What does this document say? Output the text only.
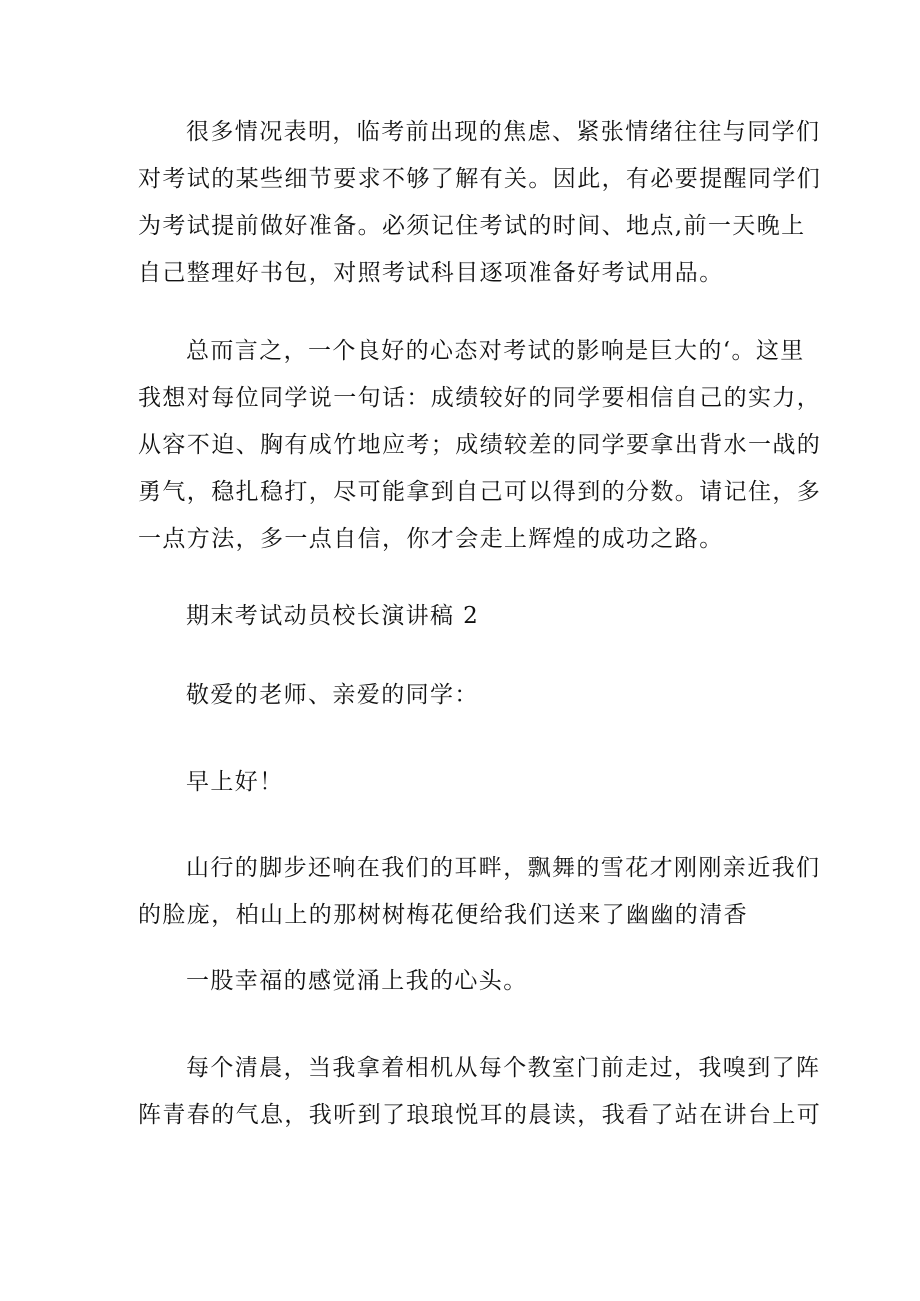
很多情况表明，临考前出现的焦虑、紧张情绪往往与同学们
对考试的某些细节要求不够了解有关。因此，有必要提醒同学们
为考试提前做好准备。必须记住考试的时间、地点,前一天晚上
自己整理好书包，对照考试科目逐项准备好考试用品。
总而言之，一个良好的心态对考试的影响是巨大的‘。这里
我想对每位同学说一句话：成绩较好的同学要相信自己的实力，
从容不迫、胸有成竹地应考；成绩较差的同学要拿出背水一战的
勇气，稳扎稳打，尽可能拿到自己可以得到的分数。请记住，多
一点方法，多一点自信，你才会走上辉煌的成功之路。
期末考试动员校长演讲稿 2
敬爱的老师、亲爱的同学：
早上好！
山行的脚步还响在我们的耳畔，飘舞的雪花才刚刚亲近我们
的脸庞，柏山上的那树树梅花便给我们送来了幽幽的清香
一股幸福的感觉涌上我的心头。
每个清晨，当我拿着相机从每个教室门前走过，我嗅到了阵
阵青春的气息，我听到了琅琅悦耳的晨读，我看了站在讲台上可
